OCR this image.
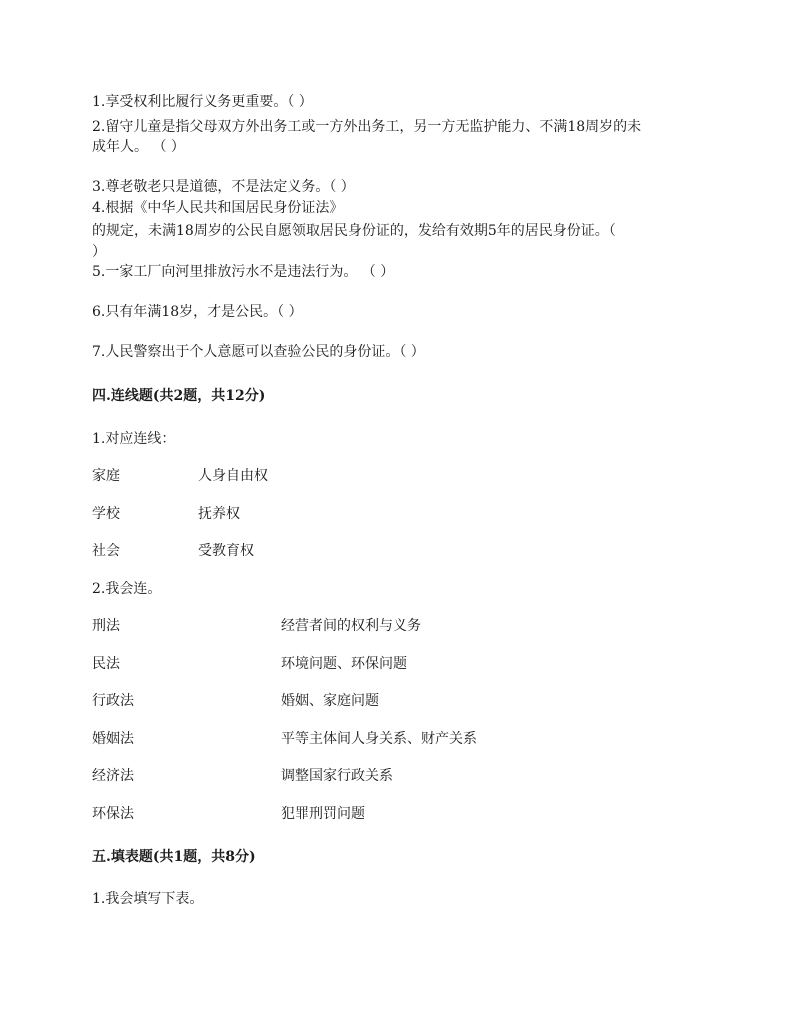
1.享受权利比履行义务更重要。（ ）
2.留守儿童是指父母双方外出务工或一方外出务工，另一方无监护能力、不满18周岁的未
成年人。 （ ）
3.尊老敬老只是道德，不是法定义务。（ ）
4.根据《中华人民共和国居民身份证法》
的规定，未满18周岁的公民自愿领取居民身份证的，发给有效期5年的居民身份证。（
）
5.一家工厂向河里排放污水不是违法行为。 （ ）
6.只有年满18岁，才是公民。（ ）
7.人民警察出于个人意愿可以查验公民的身份证。（ ）
四.连线题(共2题，共12分)
1.对应连线：
家庭	人身自由权
学校	抚养权
社会	受教育权
2.我会连。
刑法	经营者间的权利与义务
民法	环境问题、环保问题
行政法	婚姻、家庭问题
婚姻法	平等主体间人身关系、财产关系
经济法	调整国家行政关系
环保法	犯罪刑罚问题
五.填表题(共1题，共8分)
1.我会填写下表。
